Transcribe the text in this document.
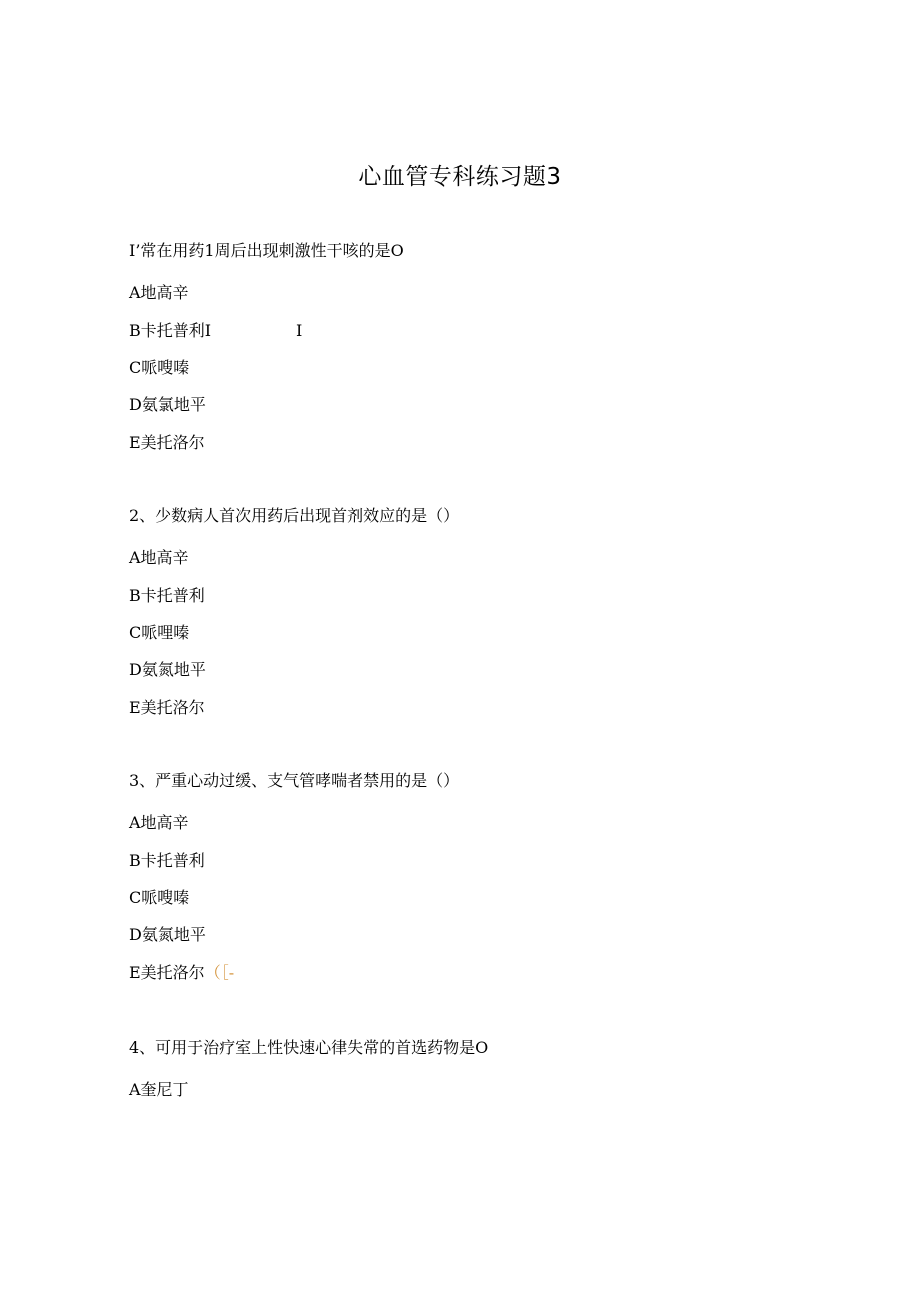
心血管专科练习题3
I’常在用药1周后出现刺激性干咳的是O
A地高辛
B卡托普利I	I
C哌嗖嗪
D氨氯地平
E美托洛尔
2、少数病人首次用药后出现首剂效应的是（）
A地高辛
B卡托普利
C哌哩嗪
D氨氮地平
E美托洛尔
3、严重心动过缓、支气管哮喘者禁用的是（）
A地高辛
B卡托普利
C哌嗖嗪
D氨氮地平
E美托洛尔（［-
4、可用于治疗室上性快速心律失常的首选药物是O
A奎尼丁
